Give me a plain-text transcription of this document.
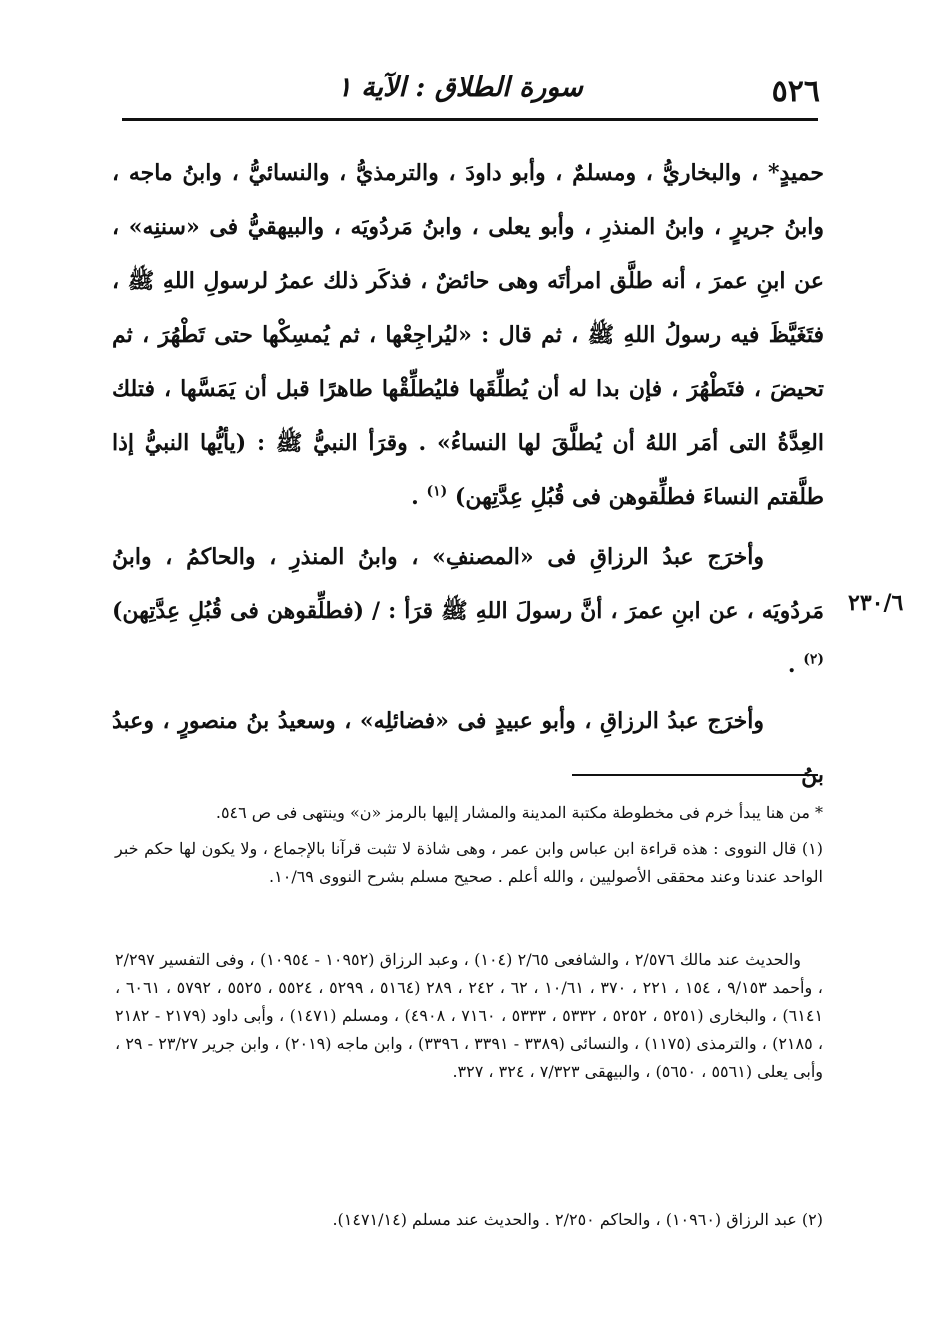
٥٢٦
سورة الطلاق : الآية ١
حميدٍ* ، والبخاريُّ ، ومسلمٌ ، وأبو داودَ ، والترمذيُّ ، والنسائيُّ ، وابنُ ماجه ، وابنُ جريرٍ ، وابنُ المنذرِ ، وأبو يعلى ، وابنُ مَردُويَه ، والبيهقيُّ فى «سننِه» ، عن ابنِ عمرَ ، أنه طلَّق امرأتَه وهى حائضٌ ، فذكَر ذلك عمرُ لرسولِ اللهِ ﷺ ، فتَغَيَّظَ فيه رسولُ اللهِ ﷺ ، ثم قال : «ليُراجِعْها ، ثم يُمسِكْها حتى تَطْهُرَ ، ثم تحيضَ ، فتَطْهُرَ ، فإن بدا له أن يُطلِّقَها فليُطلِّقْها طاهرًا قبل أن يَمَسَّها ، فتلك العِدَّةُ التى أمَر اللهُ أن يُطلَّقَ لها النساءُ» . وقرَأ النبيُّ ﷺ : (يأيُّها النبيُّ إذا طلَّقتم النساءَ فطلِّقوهن فى قُبُلِ عِدَّتِهن) $^{(١)}$ .
وأخرَج عبدُ الرزاقِ فى «المصنفِ» ، وابنُ المنذرِ ، والحاكمُ ، وابنُ مَردُويَه ، عن ابنِ عمرَ ، أنَّ رسولَ اللهِ ﷺ قرَأ : / (فطلِّقوهن فى قُبُلِ عِدَّتِهن) $^{(٢)}$ .
٢٣٠/٦
وأخرَج عبدُ الرزاقِ ، وأبو عبيدٍ فى «فضائلِه» ، وسعيدُ بنُ منصورٍ ، وعبدُ بنُ
* من هنا يبدأ خرم فى مخطوطة مكتبة المدينة والمشار إليها بالرمز «ن» وينتهى فى ص ٥٤٦.
(١) قال النووى : هذه قراءة ابن عباس وابن عمر ، وهى شاذة لا تثبت قرآنا بالإجماع ، ولا يكون لها حكم خبر الواحد عندنا وعند محققى الأصوليين ، والله أعلم . صحيح مسلم بشرح النووى ١٠/٦٩.
والحديث عند مالك ٢/٥٧٦ ، والشافعى ٢/٦٥ (١٠٤) ، وعبد الرزاق (١٠٩٥٢ - ١٠٩٥٤) ، وفى التفسير ٢/٢٩٧ ، وأحمد ٩/١٥٣ ، ١٥٤ ، ٢٢١ ، ٣٧٠ ، ١٠/٦١ ، ٦٢ ، ٢٤٢ ، ٢٨٩ (٥١٦٤ ، ٥٢٩٩ ، ٥٥٢٤ ، ٥٥٢٥ ، ٥٧٩٢ ، ٦٠٦١ ، ٦١٤١) ، والبخارى (٥٢٥١ ، ٥٢٥٢ ، ٥٣٣٢ ، ٥٣٣٣ ، ٧١٦٠ ، ٤٩٠٨) ، ومسلم (١٤٧١) ، وأبى داود (٢١٧٩ - ٢١٨٢ ، ٢١٨٥) ، والترمذى (١١٧٥) ، والنسائى (٣٣٨٩ - ٣٣٩١ ، ٣٣٩٦) ، وابن ماجه (٢٠١٩) ، وابن جرير ٢٣/٢٧ - ٢٩ ، وأبى يعلى (٥٥٦١ ، ٥٦٥٠) ، والبيهقى ٧/٣٢٣ ، ٣٢٤ ، ٣٢٧.
(٢) عبد الرزاق (١٠٩٦٠) ، والحاكم ٢/٢٥٠ . والحديث عند مسلم (١٤٧١/١٤).
